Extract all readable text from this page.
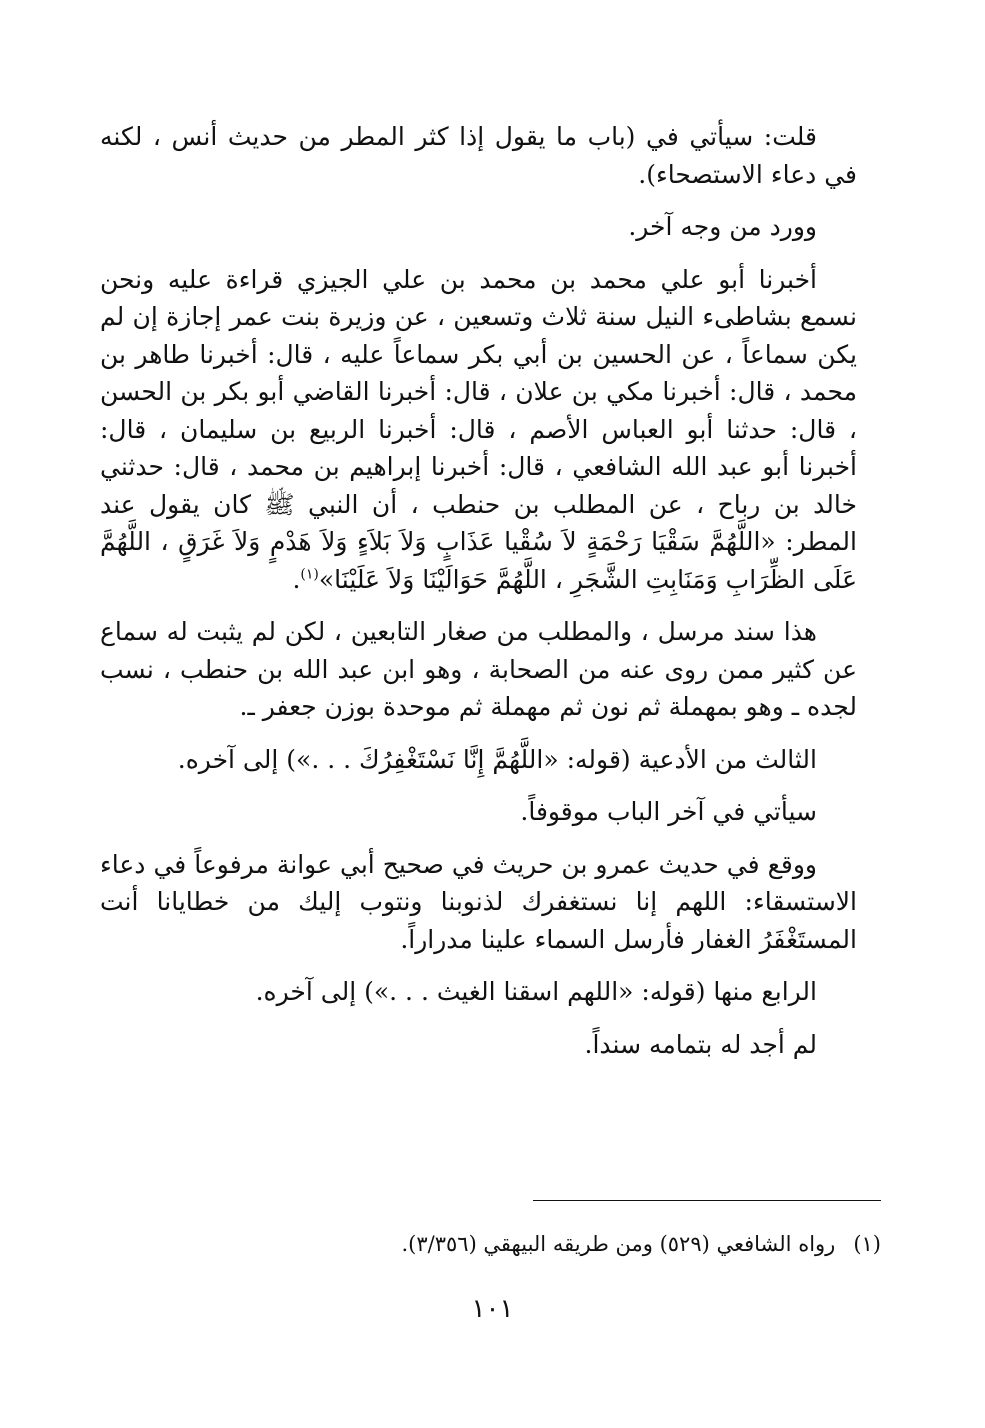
قلت: سيأتي في (باب ما يقول إذا كثر المطر من حديث أنس ، لكنه في دعاء الاستصحاء).

وورد من وجه آخر.

أخبرنا أبو علي محمد بن محمد بن علي الجيزي قراءة عليه ونحن نسمع بشاطىء النيل سنة ثلاث وتسعين ، عن وزيرة بنت عمر إجازة إن لم يكن سماعاً ، عن الحسين بن أبي بكر سماعاً عليه ، قال: أخبرنا طاهر بن محمد ، قال: أخبرنا مكي بن علان ، قال: أخبرنا القاضي أبو بكر بن الحسن ، قال: حدثنا أبو العباس الأصم ، قال: أخبرنا الربيع بن سليمان ، قال: أخبرنا أبو عبد الله الشافعي ، قال: أخبرنا إبراهيم بن محمد ، قال: حدثني خالد بن رباح ، عن المطلب بن حنطب ، أن النبي ﷺ كان يقول عند المطر: «اللَّهُمَّ سَقْيَا رَحْمَةٍ لاَ سُقْيا عَذَابٍ وَلاَ بَلاَءٍ وَلاَ هَدْمٍ وَلاَ غَرَقٍ ، اللَّهُمَّ عَلَى الظِّرَابِ وَمَنَابِتِ الشَّجَرِ ، اللَّهُمَّ حَوَالَيْنَا وَلاَ عَلَيْنَا»$^{(١)}$.

هذا سند مرسل ، والمطلب من صغار التابعين ، لكن لم يثبت له سماع عن كثير ممن روى عنه من الصحابة ، وهو ابن عبد الله بن حنطب ، نسب لجده ـ وهو بمهملة ثم نون ثم مهملة ثم موحدة بوزن جعفر ـ.

الثالث من الأدعية (قوله: «اللَّهُمَّ إِنَّا نَسْتَغْفِرُكَ . . .») إلى آخره.

سيأتي في آخر الباب موقوفاً.

ووقع في حديث عمرو بن حريث في صحيح أبي عوانة مرفوعاً في دعاء الاستسقاء: اللهم إنا نستغفرك لذنوبنا ونتوب إليك من خطايانا أنت المستَغْفَرُ الغفار فأرسل السماء علينا مدراراً.

الرابع منها (قوله: «اللهم اسقنا الغيث . . .») إلى آخره.

لم أجد له بتمامه سنداً.

(١)رواه الشافعي (٥٢٩) ومن طريقه البيهقي (٣/٣٥٦).
١٠١
